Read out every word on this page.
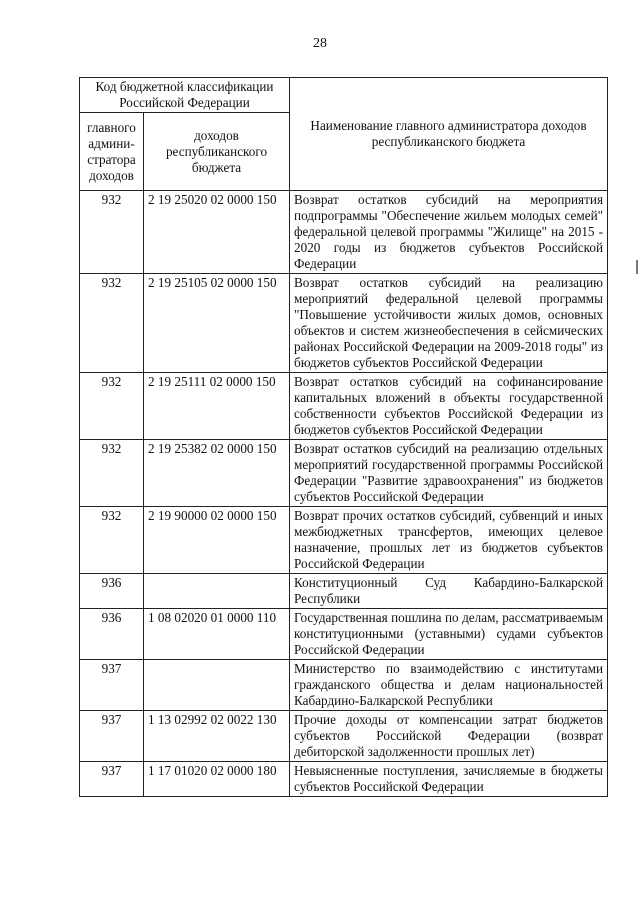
28
Код бюджетной классификации Российской Федерации		Наименование главного администратора доходов республиканского бюджета
главного админи-стратора доходов	доходов республиканского бюджета	
932	2 19 25020 02 0000 150	Возврат остатков субсидий на мероприятия подпрограммы "Обеспечение жильем молодых семей" федеральной целевой программы "Жилище" на 2015 - 2020 годы из бюджетов субъектов Российской Федерации
932	2 19 25105 02 0000 150	Возврат остатков субсидий на реализацию мероприятий федеральной целевой программы "Повышение устойчивости жилых домов, основных объектов и систем жизнеобеспечения в сейсмических районах Российской Федерации на 2009-2018 годы" из бюджетов субъектов Российской Федерации
932	2 19 25111 02 0000 150	Возврат остатков субсидий на софинансирование капитальных вложений в объекты государственной собственности субъектов Российской Федерации из бюджетов субъектов Российской Федерации
932	2 19 25382 02 0000 150	Возврат остатков субсидий на реализацию отдельных мероприятий государственной программы Российской Федерации "Развитие здравоохранения" из бюджетов субъектов Российской Федерации
932	2 19 90000 02 0000 150	Возврат прочих остатков субсидий, субвенций и иных межбюджетных трансфертов, имеющих целевое назначение, прошлых лет из бюджетов субъектов Российской Федерации
936		Конституционный Суд Кабардино-Балкарской Республики
936	1 08 02020 01 0000 110	Государственная пошлина по делам, рассматриваемым конституционными (уставными) судами субъектов Российской Федерации
937		Министерство по взаимодействию с институтами гражданского общества и делам национальностей Кабардино-Балкарской Республики
937	1 13 02992 02 0022 130	Прочие доходы от компенсации затрат бюджетов субъектов Российской Федерации (возврат дебиторской задолженности прошлых лет)
937	1 17 01020 02 0000 180	Невыясненные поступления, зачисляемые в бюджеты субъектов Российской Федерации
